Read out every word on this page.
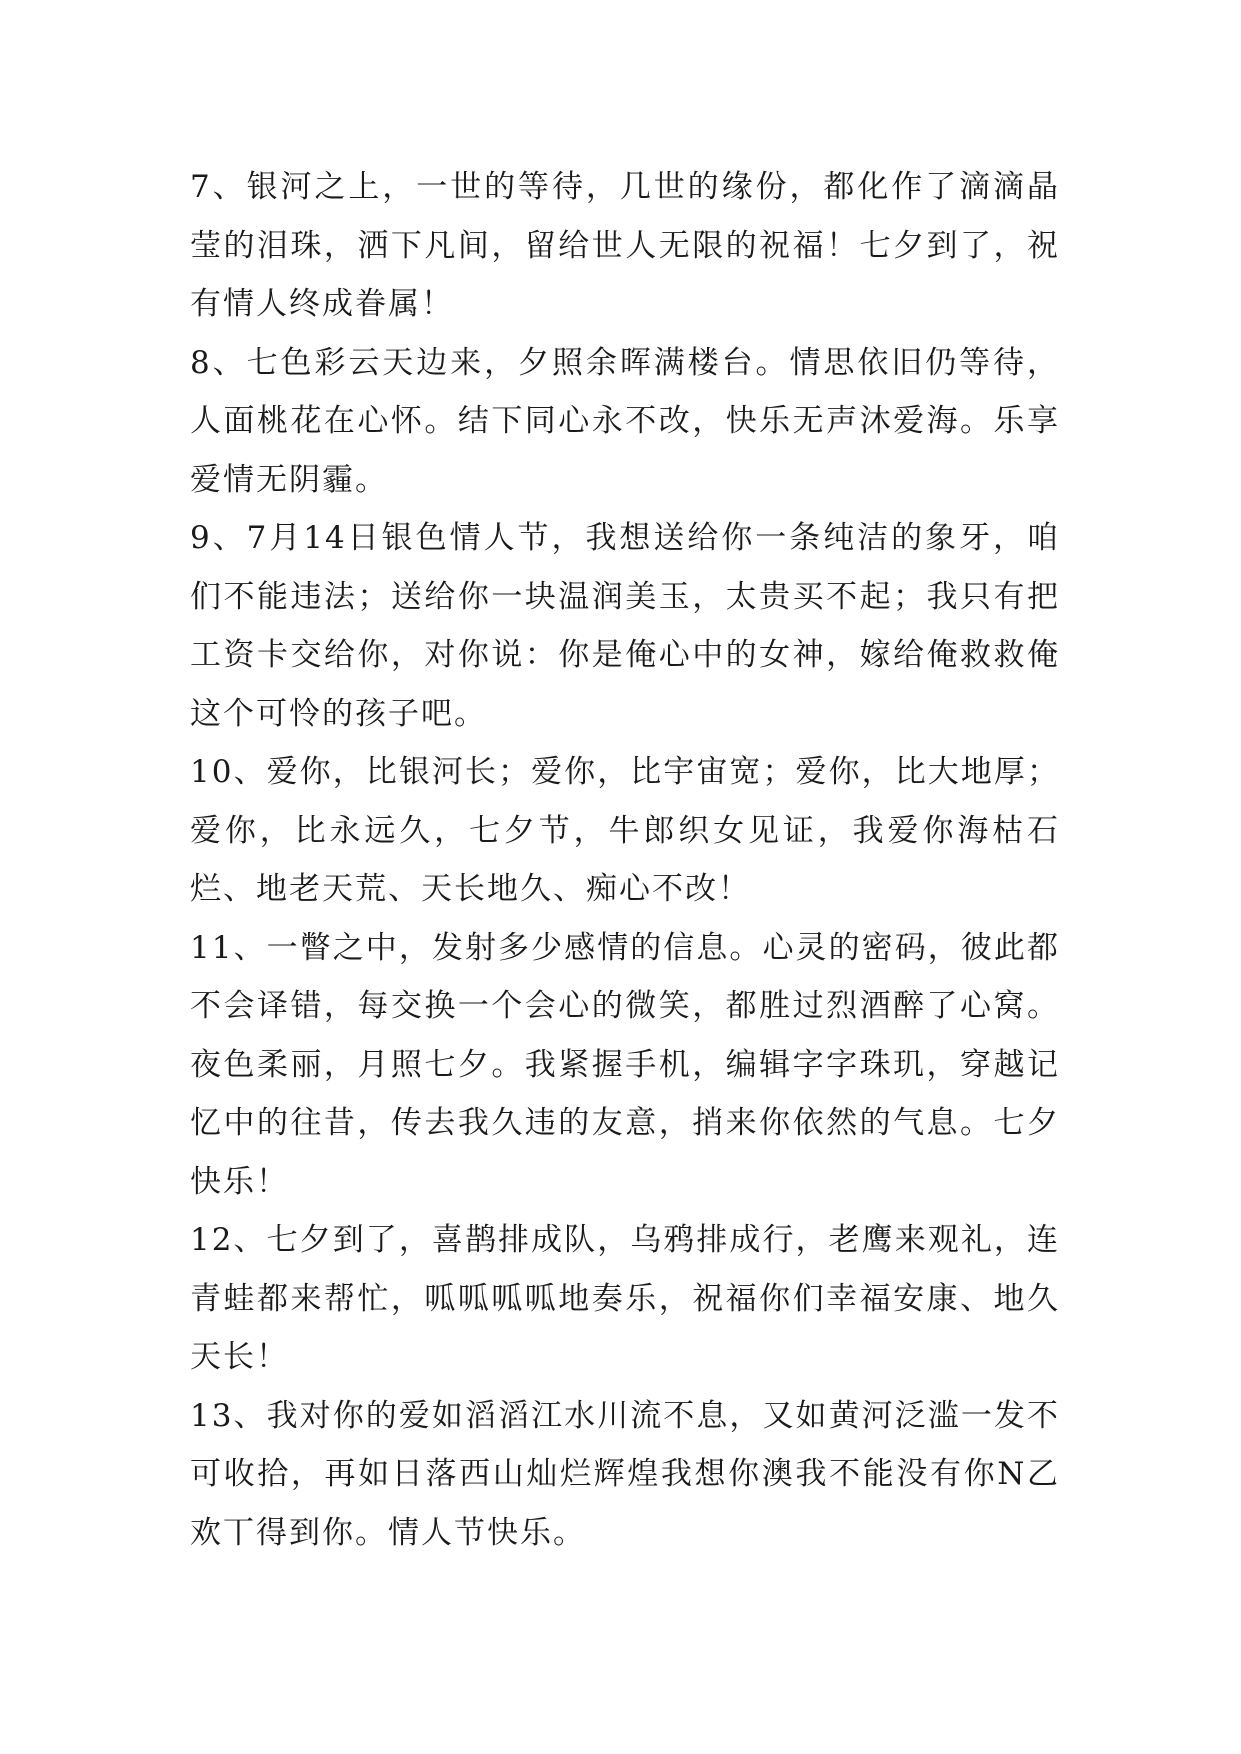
7、银河之上，一世的等待，几世的缘份，都化作了滴滴晶莹的泪珠，洒下凡间，留给世人无限的祝福！七夕到了，祝有情人终成眷属！

8、七色彩云天边来，夕照余晖满楼台。情思依旧仍等待，人面桃花在心怀。结下同心永不改，快乐无声沐爱海。乐享爱情无阴霾。

9、7月14日银色情人节，我想送给你一条纯洁的象牙，咱们不能违法；送给你一块温润美玉，太贵买不起；我只有把工资卡交给你，对你说：你是俺心中的女神，嫁给俺救救俺这个可怜的孩子吧。

10、爱你，比银河长；爱你，比宇宙宽；爱你，比大地厚；爱你，比永远久，七夕节，牛郎织女见证，我爱你海枯石烂、地老天荒、天长地久、痴心不改！

11、一瞥之中，发射多少感情的信息。心灵的密码，彼此都不会译错，每交换一个会心的微笑，都胜过烈酒醉了心窝。夜色柔丽，月照七夕。我紧握手机，编辑字字珠玑，穿越记忆中的往昔，传去我久违的友意，捎来你依然的气息。七夕快乐！

12、七夕到了，喜鹊排成队，乌鸦排成行，老鹰来观礼，连青蛙都来帮忙，呱呱呱呱地奏乐，祝福你们幸福安康、地久天长！

13、我对你的爱如滔滔江水川流不息，又如黄河泛滥一发不可收拾，再如日落西山灿烂辉煌我想你澳我不能没有你N乙欢丅得到你。情人节快乐。
